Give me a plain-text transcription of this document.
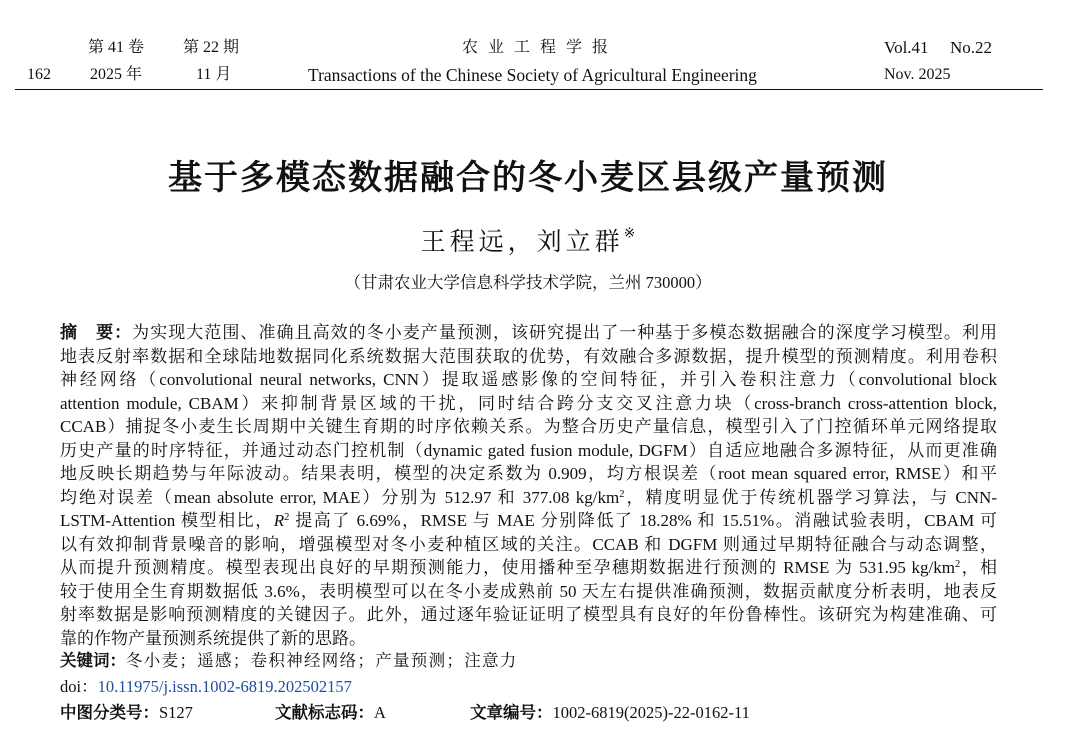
第 41 卷 第 22 期	农 业 工 程 学 报	Vol.41 No.22
162 2025 年	11 月	Transactions of the Chinese Society of Agricultural Engineering	Nov. 2025
基于多模态数据融合的冬小麦区县级产量预测
王程远，刘立群※
（甘肃农业大学信息科学技术学院，兰州 730000）
摘　要：为实现大范围、准确且高效的冬小麦产量预测，该研究提出了一种基于多模态数据融合的深度学习模型。利用
地表反射率数据和全球陆地数据同化系统数据大范围获取的优势，有效融合多源数据，提升模型的预测精度。利用卷积
神经网络（convolutional neural networks, CNN）提取遥感影像的空间特征，并引入卷积注意力（convolutional block
attention module, CBAM）来抑制背景区域的干扰，同时结合跨分支交叉注意力块（cross-branch cross-attention block,
CCAB）捕捉冬小麦生长周期中关键生育期的时序依赖关系。为整合历史产量信息，模型引入了门控循环单元网络提取
历史产量的时序特征，并通过动态门控机制（dynamic gated fusion module, DGFM）自适应地融合多源特征，从而更准确
地反映长期趋势与年际波动。结果表明，模型的决定系数为 0.909，均方根误差（root mean squared error, RMSE）和平
均绝对误差（mean absolute error, MAE）分别为 512.97 和 377.08 $kg/km^2$，精度明显优于传统机器学习算法，与 CNN-
LSTM-Attention 模型相比，$R^2$ 提高了 6.69%，RMSE 与 MAE 分别降低了 18.28% 和 15.51%。消融试验表明，CBAM 可
以有效抑制背景噪音的影响，增强模型对冬小麦种植区域的关注。CCAB 和 DGFM 则通过早期特征融合与动态调整，
从而提升预测精度。模型表现出良好的早期预测能力，使用播种至孕穗期数据进行预测的 RMSE 为 531.95 $kg/km^2$，相
较于使用全生育期数据低 3.6%，表明模型可以在冬小麦成熟前 50 天左右提供准确预测，数据贡献度分析表明，地表反
射率数据是影响预测精度的关键因子。此外，通过逐年验证证明了模型具有良好的年份鲁棒性。该研究为构建准确、可
靠的作物产量预测系统提供了新的思路。
关键词：冬小麦；遥感；卷积神经网络；产量预测；注意力
doi：10.11975/j.issn.1002-6819.202502157
中图分类号：S127	文献标志码：A	文章编号：1002-6819(2025)-22-0162-11
